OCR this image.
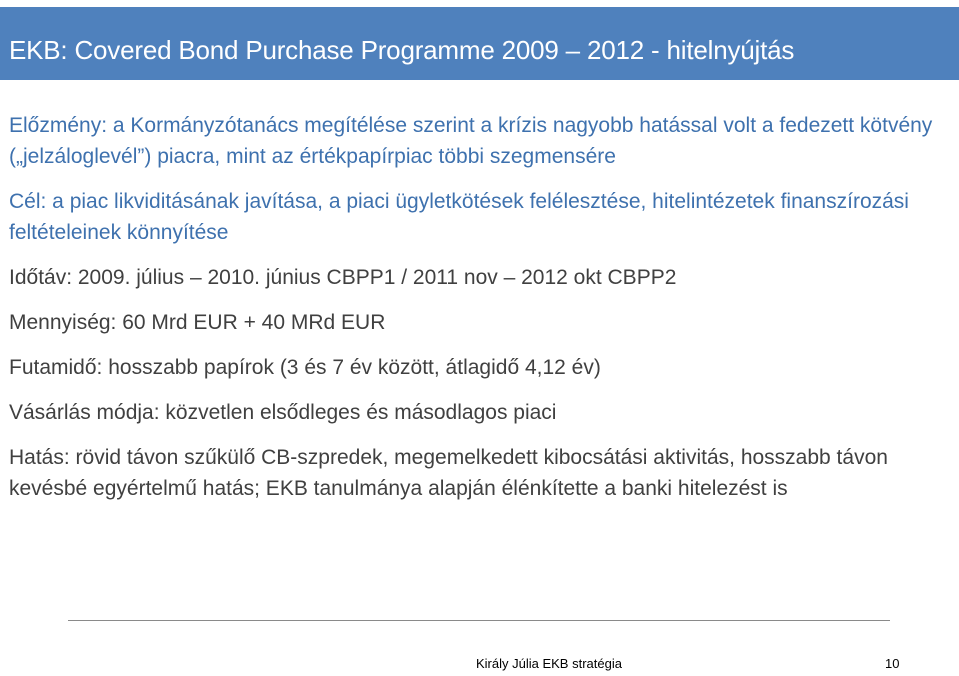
EKB: Covered Bond Purchase Programme 2009 – 2012 - hitelnyújtás

Előzmény: a Kormányzótanács megítélése szerint a krízis nagyobb hatással volt a fedezett kötvény („jelzáloglevél”) piacra, mint az értékpapírpiac többi szegmensére

Cél: a piac likviditásának javítása, a piaci ügyletkötések felélesztése, hitelintézetek finanszírozási feltételeinek könnyítése

Időtáv: 2009. július – 2010. június CBPP1 / 2011 nov – 2012 okt CBPP2

Mennyiség: 60 Mrd EUR + 40 MRd EUR

Futamidő: hosszabb papírok (3 és 7 év között, átlagidő 4,12 év)

Vásárlás módja: közvetlen elsődleges és másodlagos piaci

Hatás: rövid távon szűkülő CB-szpredek, megemelkedett kibocsátási aktivitás, hosszabb távon kevésbé egyértelmű hatás; EKB tanulmánya alapján élénkítette a banki hitelezést is

Király Júlia EKB stratégia	10
